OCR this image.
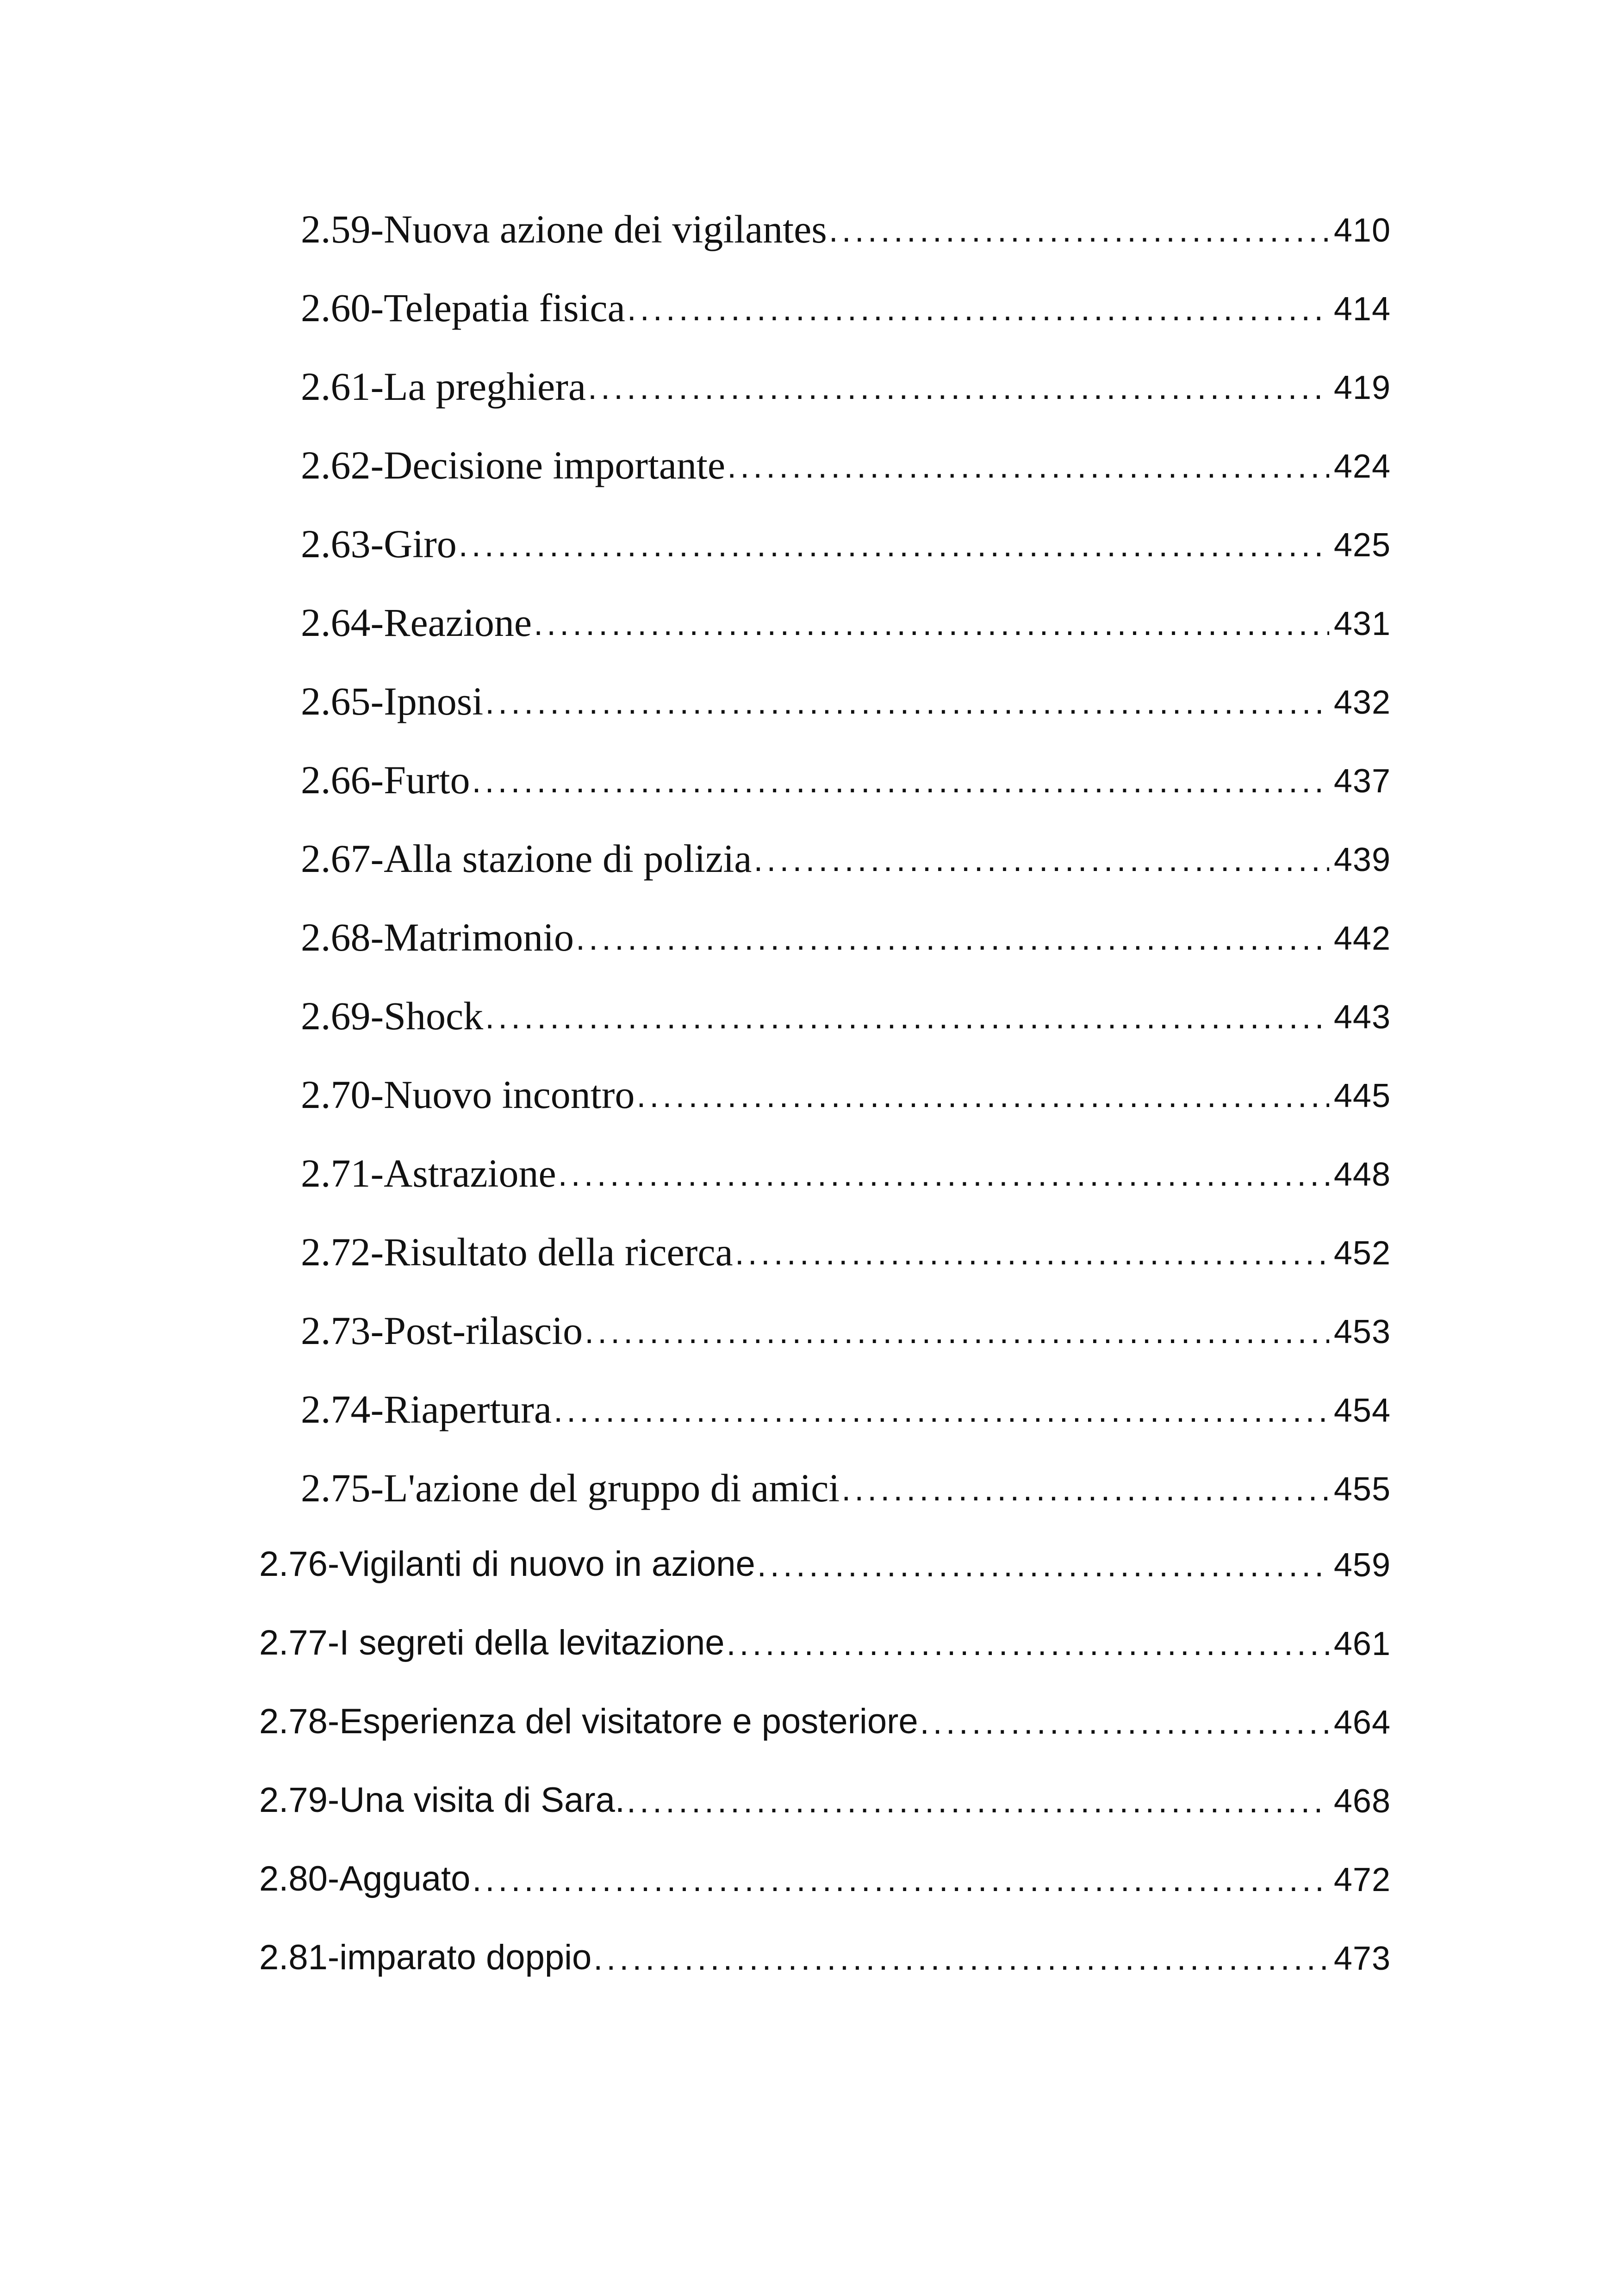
2.59-Nuova azione dei vigilantes . . .	410
2.60-Telepatia fisica . . .	414
2.61-La preghiera . . .	419
2.62-Decisione importante . . .	424
2.63-Giro . . .	425
2.64-Reazione . . .	431
2.65-Ipnosi . . .	432
2.66-Furto . . .	437
2.67-Alla stazione di polizia . . .	439
2.68-Matrimonio . . .	442
2.69-Shock . . .	443
2.70-Nuovo incontro . . .	445
2.71-Astrazione . . .	448
2.72-Risultato della ricerca . . .	452
2.73-Post-rilascio . . .	453
2.74-Riapertura . . .	454
2.75-L'azione del gruppo di amici . . .	455
2.76-Vigilanti di nuovo in azione . . .	459
2.77-I segreti della levitazione . . .	461
2.78-Esperienza del visitatore e posteriore . . .	464
2.79-Una visita di Sara. . . .	468
2.80-Agguato . . .	472
2.81-imparato doppio . . .	473
